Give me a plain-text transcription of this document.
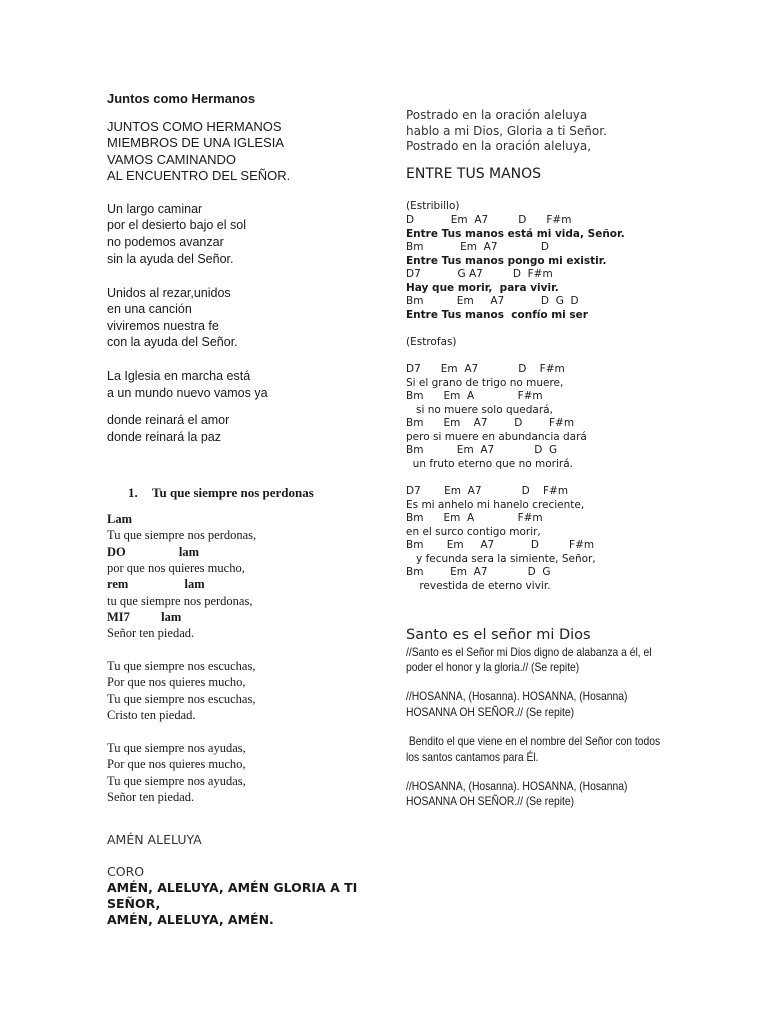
Juntos como Hermanos
JUNTOS COMO HERMANOS
MIEMBROS DE UNA IGLESIA
VAMOS CAMINANDO
AL ENCUENTRO DEL SEÑOR.
Un largo caminar
por el desierto bajo el sol
no podemos avanzar
sin la ayuda del Señor.
Unidos al rezar,unidos
en una canción
viviremos nuestra fe
con la ayuda del Señor.
La Iglesia en marcha está
a un mundo nuevo vamos ya
donde reinará el amor
donde reinará la paz
1. Tu que siempre nos perdonas
Lam
Tu que siempre nos perdonas,
DO                 lam
por que nos quieres mucho,
rem                  lam
tu que siempre nos perdonas,
MI7          lam
Señor ten piedad.
Tu que siempre nos escuchas,
Por que nos quieres mucho,
Tu que siempre nos escuchas,
Cristo ten piedad.
Tu que siempre nos ayudas,
Por que nos quieres mucho,
Tu que siempre nos ayudas,
Señor ten piedad.
AMÉN ALELUYA
CORO
AMÉN, ALELUYA, AMÉN GLORIA A TI
SEÑOR,
AMÉN, ALELUYA, AMÉN.
Postrado en la oración aleluya
hablo a mi Dios, Gloria a ti Señor.
Postrado en la oración aleluya,
ENTRE TUS MANOS
(Estribillo)
D           Em  A7         D      F#m
Entre Tus manos está mi vida, Señor.
Bm           Em  A7             D
Entre Tus manos pongo mi existir.
D7           G A7         D  F#m
Hay que morir,  para vivir.
Bm          Em     A7           D  G  D
Entre Tus manos  confío mi ser
(Estrofas)
D7      Em  A7            D    F#m
Si el grano de trigo no muere,
Bm      Em  A             F#m
si no muere solo quedará,
Bm      Em    A7        D        F#m
pero si muere en abundancia dará
Bm          Em  A7            D  G
un fruto eterno que no morirá.
D7       Em  A7            D    F#m
Es mi anhelo mi hanelo creciente,
Bm      Em  A             F#m
en el surco contigo morir,
Bm       Em     A7           D         F#m
y fecunda sera la simiente, Señor,
Bm        Em  A7            D  G
revestida de eterno vivir.
Santo es el señor mi Dios
//Santo es el Señor mi Dios digno de alabanza a él, el
poder el honor y la gloria.// (Se repite)
//HOSANNA, (Hosanna). HOSANNA, (Hosanna)
HOSANNA OH SEÑOR.// (Se repite)
Bendito el que viene en el nombre del Señor con todos
los santos cantamos para Él.
//HOSANNA, (Hosanna). HOSANNA, (Hosanna)
HOSANNA OH SEÑOR.// (Se repite)
